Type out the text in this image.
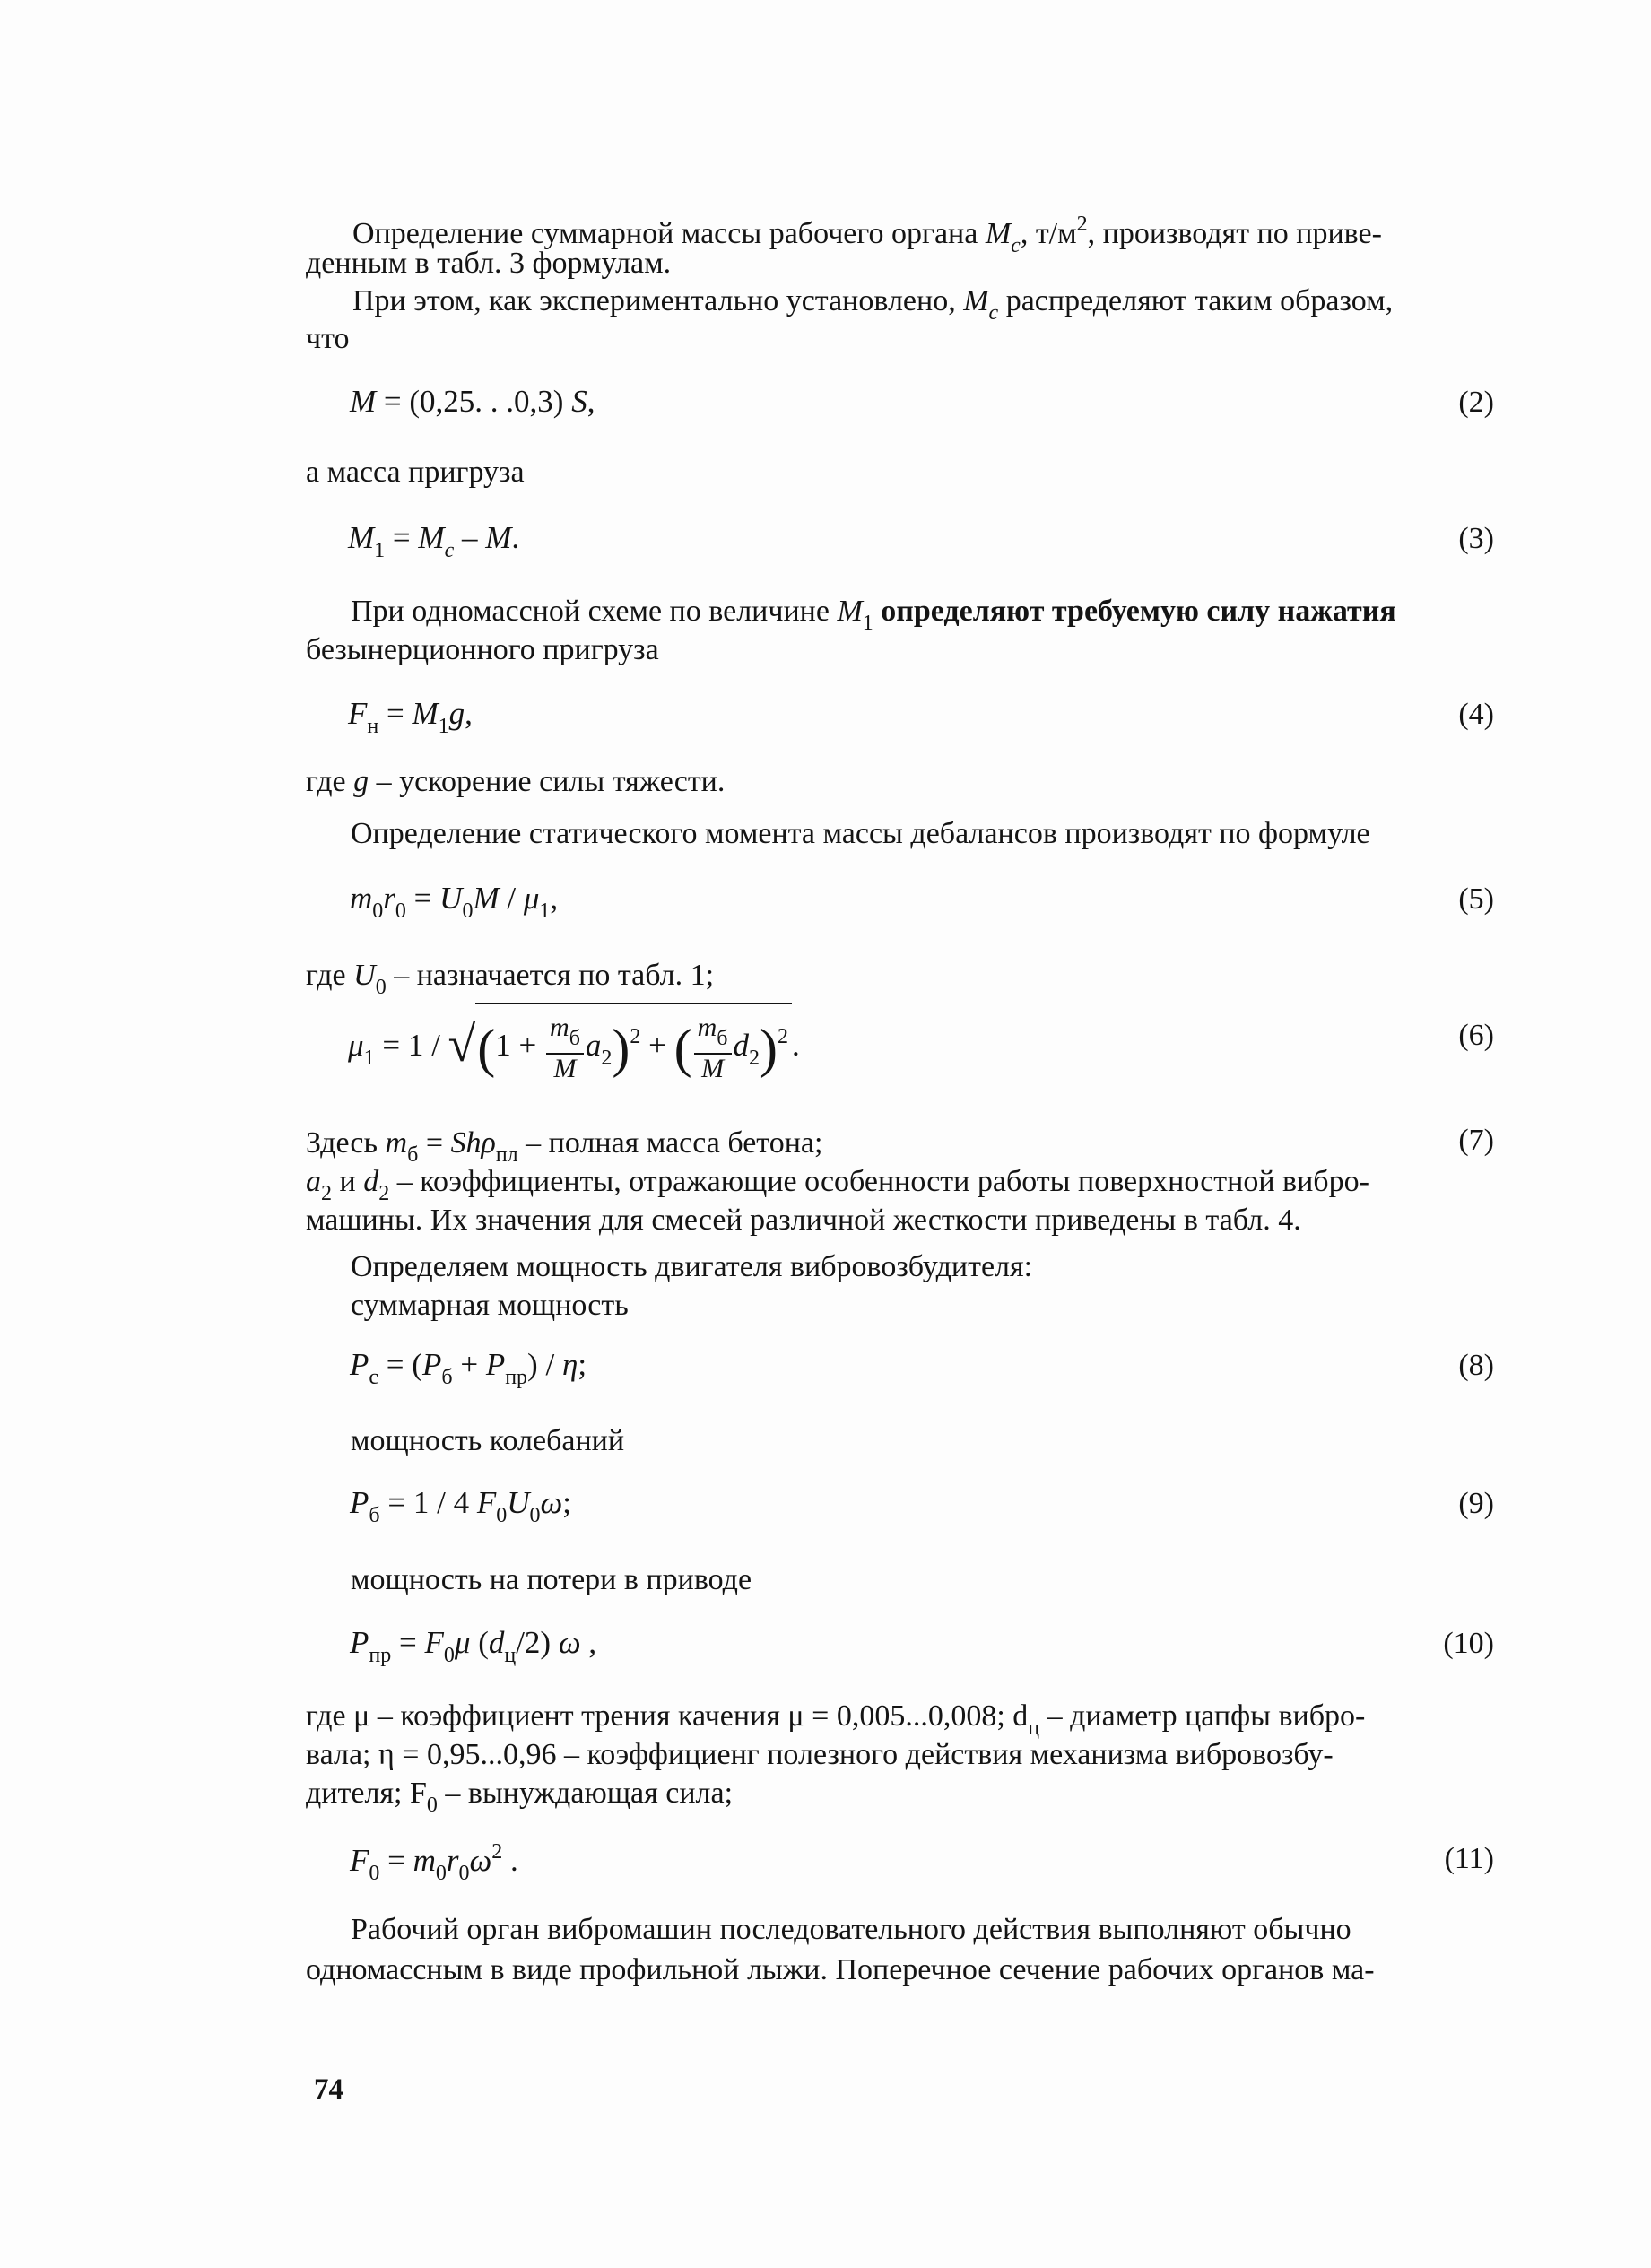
Определение суммарной массы рабочего органа $M_c$, $т/м^2$, производят по приве-
денным в табл. 3 формулам.
При этом, как экспериментально установлено, $M_c$ распределяют таким образом,
что
M = (0,25. . .0,3) S,	(2)
а масса пригруза
$M_1 = M_c - M$.	(3)
При одномассной схеме по величине $M_1$ определяют требуемую силу нажатия
безынерционного пригруза
$F_н = M_1g$,	(4)
где g – ускорение силы тяжести.
Определение статического момента массы дебалансов производят по формуле
$m_0r_0 = U_0M / \mu_1$,	(5)
где $U_0$ – назначается по табл. 1;
$\mu_1 = 1 / √(1 + \frac{m_б}{M} a_2)^2$ + ( $\frac{m_б}{M} d_2)^2$ .	(6)
Здесь $m_б = Sh\rho_{пл}$ – полная масса бетона;	(7)
$a_2$ и $d_2$ – коэффициенты, отражающие особенности работы поверхностной вибро-
машины. Их значения для смесей различной жесткости приведены в табл. 4.
Определяем мощность двигателя вибровозбудителя:
суммарная мощность
$P_с = (P_б + P_{пр}) / \eta$;	(8)
мощность колебаний
$P_б = 1 / 4$ $F_0U_0\omega$;	(9)
мощность на потери в приводе
$P_{пр} = F_0\mu$ $(d_ц/2)$ ω ,	(10)
где μ – коэффициент трения качения μ = 0,005...0,008; $d_ц$ – диаметр цапфы вибро-
вала; η = 0,95...0,96 – коэффициенг полезного действия механизма вибровозбу-
дителя; $F_0$ – вынуждающая сила;
$F_0 = m_0r_0\omega^2$ .	(11)
Рабочий орган вибромашин последовательного действия выполняют обычно
одномассным в виде профильной лыжи. Поперечное сечение рабочих органов ма-
74
